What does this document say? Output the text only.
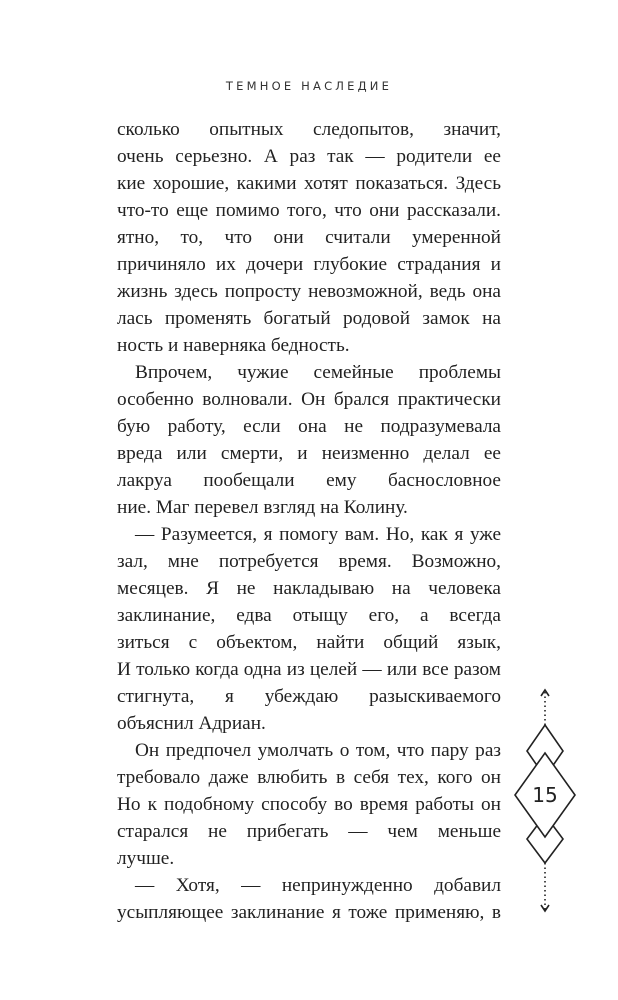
ТЕМНОЕ НАСЛЕДИЕ
сколько опытных следопытов, значит,
очень серьезно. А раз так — родители ее
кие хорошие, какими хотят показаться. Здесь
что-то еще помимо того, что они рассказали.
ятно, то, что они считали умеренной
причиняло их дочери глубокие страдания и
жизнь здесь попросту невозможной, ведь она
лась променять богатый родовой замок на
ность и наверняка бедность.
Впрочем, чужие семейные проблемы
особенно волновали. Он брался практически
бую работу, если она не подразумевала
вреда или смерти, и неизменно делал ее
лакруа пообещали ему баснословное
ние. Маг перевел взгляд на Колину.
— Разумеется, я помогу вам. Но, как я уже
зал, мне потребуется время. Возможно,
месяцев. Я не накладываю на человека
заклинание, едва отыщу его, а всегда
зиться с объектом, найти общий язык,
И только когда одна из целей — или все разом
стигнута, я убеждаю разыскиваемого
объяснил Адриан.
Он предпочел умолчать о том, что пару раз
требовало даже влюбить в себя тех, кого он
Но к подобному способу во время работы он
старался не прибегать — чем меньше
лучше.
— Хотя, — непринужденно добавил
усыпляющее заклинание я тоже применяю, в
15
